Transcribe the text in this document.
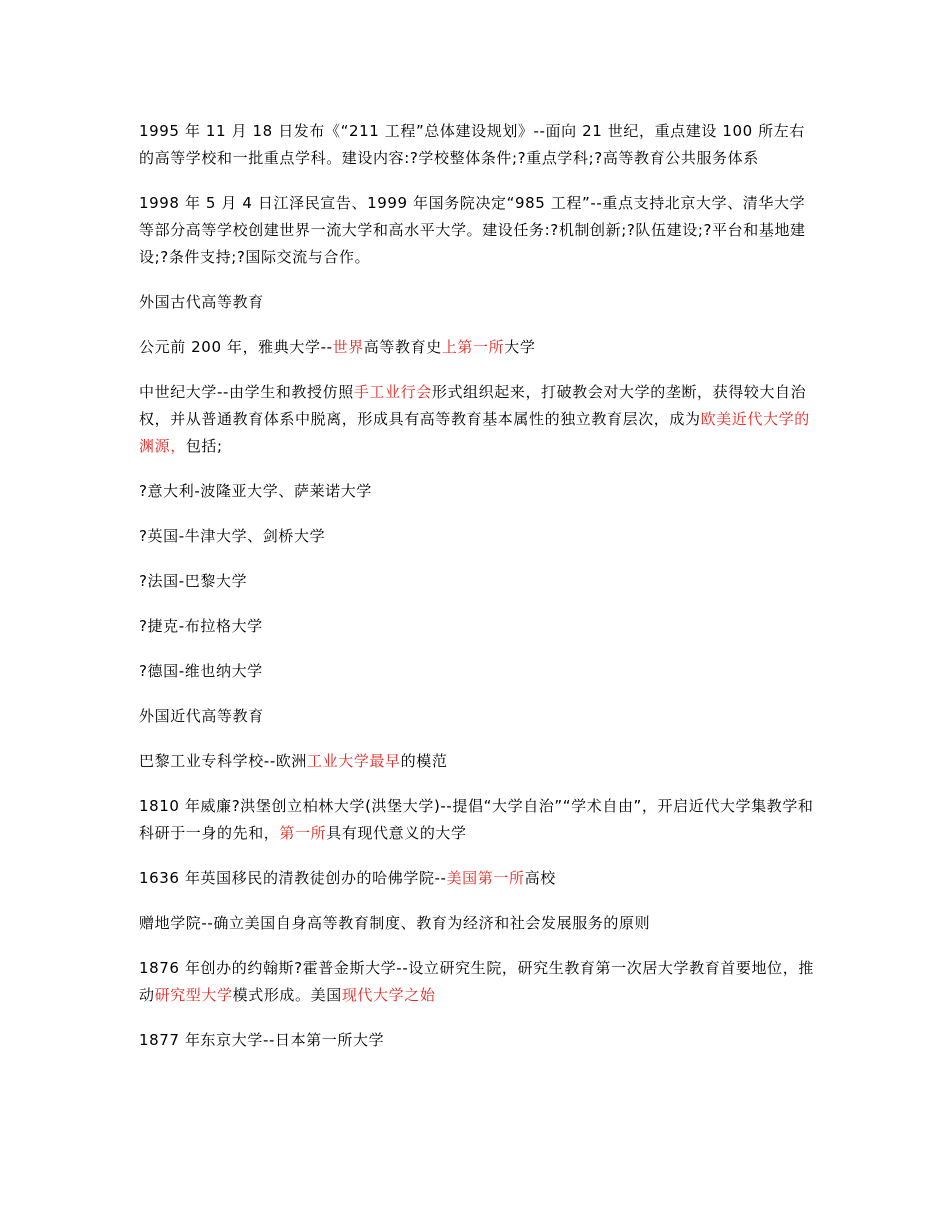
1995 年 11 月 18 日发布《“211 工程”总体建设规划》--面向 21 世纪，重点建设 100 所左右的高等学校和一批重点学科。建设内容:?学校整体条件;?重点学科;?高等教育公共服务体系

1998 年 5 月 4 日江泽民宣告、1999 年国务院决定“985 工程”--重点支持北京大学、清华大学等部分高等学校创建世界一流大学和高水平大学。建设任务:?机制创新;?队伍建设;?平台和基地建设;?条件支持;?国际交流与合作。

外国古代高等教育

公元前 200 年，雅典大学--世界高等教育史上第一所大学

中世纪大学--由学生和教授仿照手工业行会形式组织起来，打破教会对大学的垄断，获得较大自治权，并从普通教育体系中脱离，形成具有高等教育基本属性的独立教育层次，成为欧美近代大学的渊源，包括;

?意大利-波隆亚大学、萨莱诺大学

?英国-牛津大学、剑桥大学

?法国-巴黎大学

?捷克-布拉格大学

?德国-维也纳大学

外国近代高等教育

巴黎工业专科学校--欧洲工业大学最早的模范

1810 年威廉?洪堡创立柏林大学(洪堡大学)--提倡“大学自治”“学术自由”，开启近代大学集教学和科研于一身的先和，第一所具有现代意义的大学

1636 年英国移民的清教徒创办的哈佛学院--美国第一所高校

赠地学院--确立美国自身高等教育制度、教育为经济和社会发展服务的原则

1876 年创办的约翰斯?霍普金斯大学--设立研究生院，研究生教育第一次居大学教育首要地位，推动研究型大学模式形成。美国现代大学之始

1877 年东京大学--日本第一所大学
